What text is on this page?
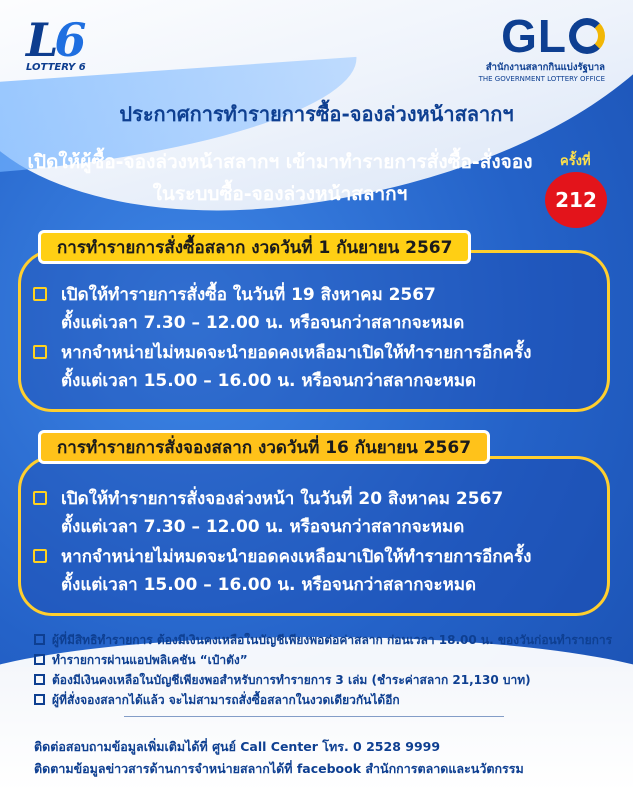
L6
LOTTERY 6
GL
สำนักงานสลากกินแบ่งรัฐบาล
THE GOVERNMENT LOTTERY OFFICE
ประกาศการทำรายการซื้อ-จองล่วงหน้าสลากฯ
เปิดให้ผู้ซื้อ-จองล่วงหน้าสลากฯ เข้ามาทำรายการสั่งซื้อ-สั่งจอง
ในระบบซื้อ-จองล่วงหน้าสลากฯ
ครั้งที่
212
เปิดให้ทำรายการสั่งซื้อ ในวันที่ 19 สิงหาคม 2567
ตั้งแต่เวลา 7.30 – 12.00 น. หรือจนกว่าสลากจะหมด
หากจำหน่ายไม่หมดจะนำยอดคงเหลือมาเปิดให้ทำรายการอีกครั้ง
ตั้งแต่เวลา 15.00 – 16.00 น. หรือจนกว่าสลากจะหมด
การทำรายการสั่งซื้อสลาก งวดวันที่ 1 กันยายน 2567
เปิดให้ทำรายการสั่งจองล่วงหน้า ในวันที่ 20 สิงหาคม 2567
ตั้งแต่เวลา 7.30 – 12.00 น. หรือจนกว่าสลากจะหมด
หากจำหน่ายไม่หมดจะนำยอดคงเหลือมาเปิดให้ทำรายการอีกครั้ง
ตั้งแต่เวลา 15.00 – 16.00 น. หรือจนกว่าสลากจะหมด
การทำรายการสั่งจองสลาก งวดวันที่ 16 กันยายน 2567
ผู้ที่มีสิทธิทำรายการ ต้องมีเงินคงเหลือในบัญชีเพียงพอต่อค่าสลาก ก่อนเวลา 18.00 น. ของวันก่อนทำรายการ
ทำรายการผ่านแอปพลิเคชัน “เป๋าตัง”
ต้องมีเงินคงเหลือในบัญชีเพียงพอสำหรับการทำรายการ 3 เล่ม (ชำระค่าสลาก 21,130 บาท)
ผู้ที่สั่งจองสลากได้แล้ว จะไม่สามารถสั่งซื้อสลากในงวดเดียวกันได้อีก
ติดต่อสอบถามข้อมูลเพิ่มเติมได้ที่ ศูนย์ Call Center โทร. 0 2528 9999
ติดตามข้อมูลข่าวสารด้านการจำหน่ายสลากได้ที่ facebook สำนักการตลาดและนวัตกรรม
